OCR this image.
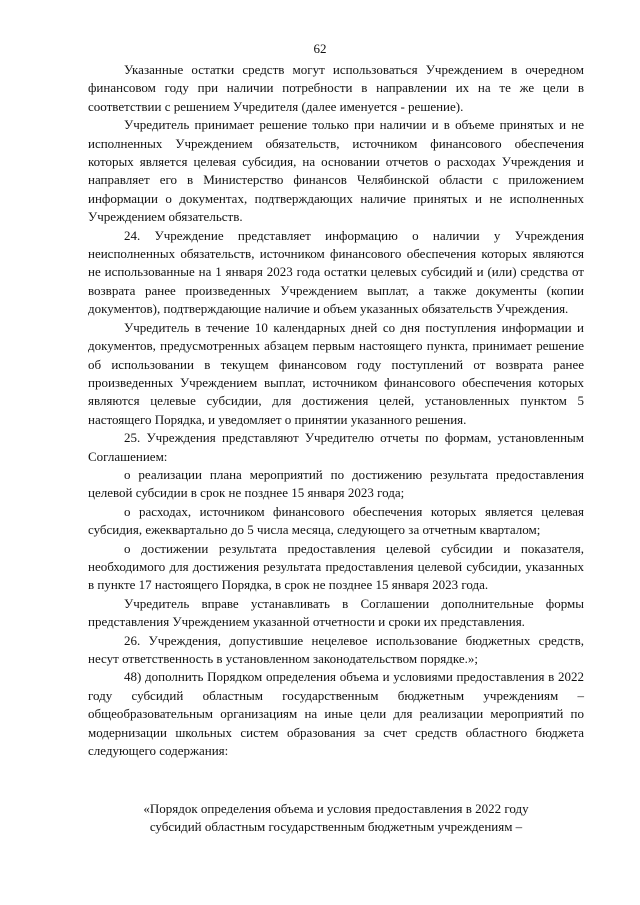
62

Указанные остатки средств могут использоваться Учреждением в очередном финансовом году при наличии потребности в направлении их на те же цели в соответствии с решением Учредителя (далее именуется - решение).

Учредитель принимает решение только при наличии и в объеме принятых и не исполненных Учреждением обязательств, источником финансового обеспечения которых является целевая субсидия, на основании отчетов о расходах Учреждения и направляет его в Министерство финансов Челябинской области с приложением информации о документах, подтверждающих наличие принятых и не исполненных Учреждением обязательств.

24. Учреждение представляет информацию о наличии у Учреждения неисполненных обязательств, источником финансового обеспечения которых являются не использованные на 1 января 2023 года остатки целевых субсидий и (или) средства от возврата ранее произведенных Учреждением выплат, а также документы (копии документов), подтверждающие наличие и объем указанных обязательств Учреждения.

Учредитель в течение 10 календарных дней со дня поступления информации и документов, предусмотренных абзацем первым настоящего пункта, принимает решение об использовании в текущем финансовом году поступлений от возврата ранее произведенных Учреждением выплат, источником финансового обеспечения которых являются целевые субсидии, для достижения целей, установленных пунктом 5 настоящего Порядка, и уведомляет о принятии указанного решения.

25. Учреждения представляют Учредителю отчеты по формам, установленным Соглашением:

о реализации плана мероприятий по достижению результата предоставления целевой субсидии в срок не позднее 15 января 2023 года;

о расходах, источником финансового обеспечения которых является целевая субсидия, ежеквартально до 5 числа месяца, следующего за отчетным кварталом;

о достижении результата предоставления целевой субсидии и показателя, необходимого для достижения результата предоставления целевой субсидии, указанных в пункте 17 настоящего Порядка, в срок не позднее 15 января 2023 года.

Учредитель вправе устанавливать в Соглашении дополнительные формы представления Учреждением указанной отчетности и сроки их представления.

26. Учреждения, допустившие нецелевое использование бюджетных средств, несут ответственность в установленном законодательством порядке.»;

48) дополнить Порядком определения объема и условиями предоставления в 2022 году субсидий областным государственным бюджетным учреждениям – общеобразовательным организациям на иные цели для реализации мероприятий по модернизации школьных систем образования за счет средств областного бюджета следующего содержания:

«Порядок определения объема и условия предоставления в 2022 году
субсидий областным государственным бюджетным учреждениям –
